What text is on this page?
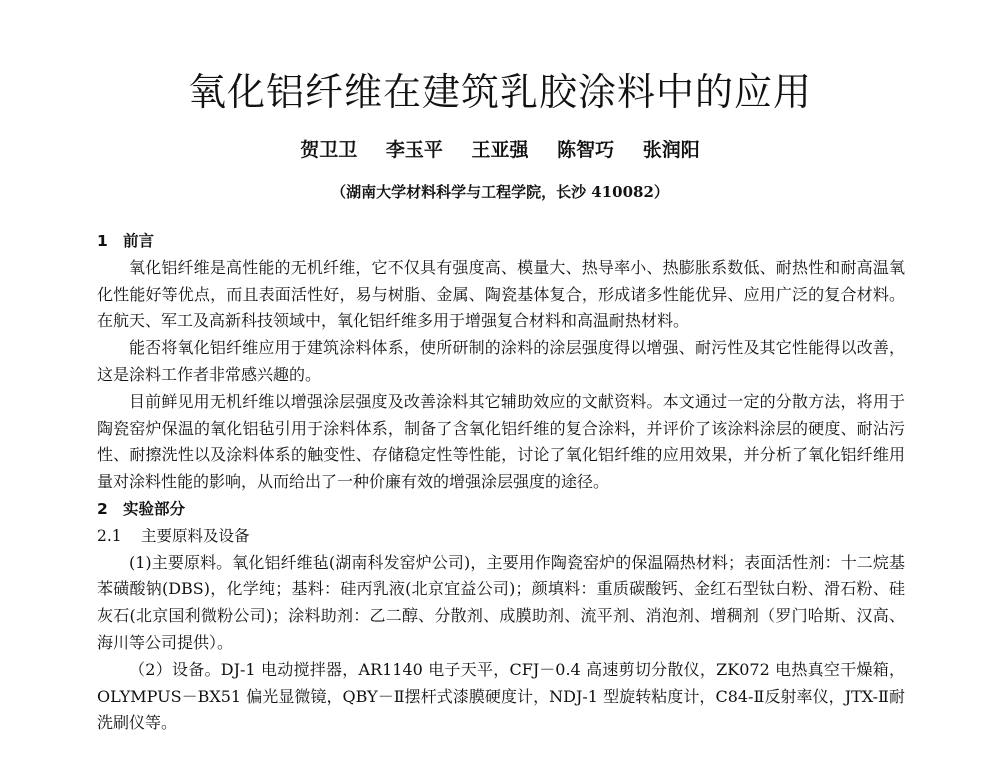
氧化铝纤维在建筑乳胶涂料中的应用

贺卫卫 李玉平 王亚强 陈智巧 张润阳

（湖南大学材料科学与工程学院，长沙 410082）

1 前言

氧化铝纤维是高性能的无机纤维，它不仅具有强度高、模量大、热导率小、热膨胀系数低、耐热性和耐高温氧化性能好等优点，而且表面活性好，易与树脂、金属、陶瓷基体复合，形成诸多性能优异、应用广泛的复合材料。在航天、军工及高新科技领域中，氧化铝纤维多用于增强复合材料和高温耐热材料。

能否将氧化铝纤维应用于建筑涂料体系，使所研制的涂料的涂层强度得以增强、耐污性及其它性能得以改善，这是涂料工作者非常感兴趣的。

目前鲜见用无机纤维以增强涂层强度及改善涂料其它辅助效应的文献资料。本文通过一定的分散方法，将用于陶瓷窑炉保温的氧化铝毡引用于涂料体系，制备了含氧化铝纤维的复合涂料，并评价了该涂料涂层的硬度、耐沾污性、耐擦洗性以及涂料体系的触变性、存储稳定性等性能，讨论了氧化铝纤维的应用效果，并分析了氧化铝纤维用量对涂料性能的影响，从而给出了一种价廉有效的增强涂层强度的途径。

2 实验部分

2.1 主要原料及设备

(1)主要原料。氧化铝纤维毡(湖南科发窑炉公司)，主要用作陶瓷窑炉的保温隔热材料；表面活性剂：十二烷基苯磺酸钠(DBS)，化学纯；基料：硅丙乳液(北京宜益公司)；颜填料：重质碳酸钙、金红石型钛白粉、滑石粉、硅灰石(北京国利微粉公司)；涂料助剂：乙二醇、分散剂、成膜助剂、流平剂、消泡剂、增稠剂（罗门哈斯、汉高、海川等公司提供）。

（2）设备。DJ-1 电动搅拌器，AR1140 电子天平，CFJ－0.4 高速剪切分散仪，ZK072 电热真空干燥箱，OLYMPUS－BX51 偏光显微镜，QBY－Ⅱ摆杆式漆膜硬度计，NDJ-1 型旋转粘度计，C84-Ⅱ反射率仪，JTX-Ⅱ耐洗刷仪等。
